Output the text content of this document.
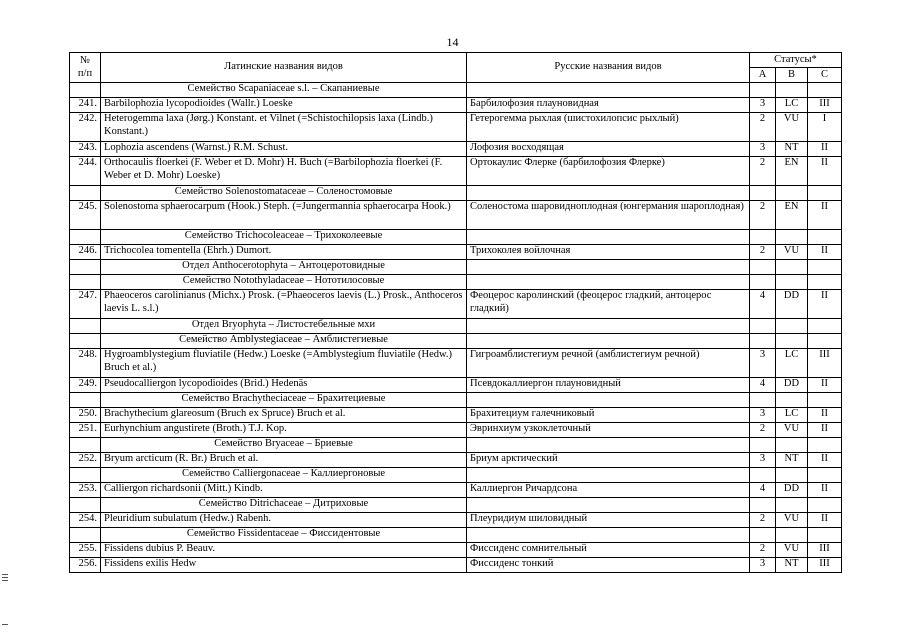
14
№
п/п	Латинские названия видов	Русские названия видов	Статусы*		
			A	B	C
	Семейство Scapaniaceae s.l. – Скапаниевые				
241.	Barbilophozia lycopodioides (Wallr.) Loeske	Барбилофозия плауновидная	3	LC	III
242.	Heterogemma laxa (Jørg.) Konstant. et Vilnet (=Schistochilopsis laxa (Lindb.) Konstant.)	Гетерогемма рыхлая (шистохилопсис рыхлый)	2	VU	I
243.	Lophozia ascendens (Warnst.) R.M. Schust.	Лофозия восходящая	3	NT	II
244.	Orthocaulis floerkei (F. Weber et D. Mohr) H. Buch (=Barbilophozia floerkei (F. Weber et D. Mohr) Loeske)	Ортокаулис Флерке (барбилофозия Флерке)	2	EN	II
	Семейство Solenostomataceae – Соленостомовые				
245.	Solenostoma sphaerocarpum (Hook.) Steph. (=Jungermannia sphaerocarpa Hook.)	Соленостома шаровиднoплодная (юнгермания шароплодная)	2	EN	II
	Семейство Trichocoleaceae – Трихоколеевые				
246.	Trichocolea tomentella (Ehrh.) Dumort.	Трихоколея войлочная	2	VU	II
	Отдел Anthocerotophyta – Антоцеротовидные				
	Семейство Notothyladaceae – Нототилосовые				
247.	Phaeoceros carolinianus (Michx.) Prosk. (=Phaeoceros laevis (L.) Prosk., Anthoceros laevis L. s.l.)	Феоцерос каролинский (феоцерос гладкий, антоцерос гладкий)	4	DD	II
	Отдел Bryophyta – Листостебельные мхи				
	Семейство Amblystegiaceae – Амблистегиевые				
248.	Hygroamblystegium fluviatile (Hedw.) Loeske (=Amblystegium fluviatile (Hedw.) Bruch et al.)	Гигроамблистегиум речной (амблистегиум речной)	3	LC	III
249.	Pseudocalliergon lycopodioides (Brid.) Hedenäs	Псевдокаллиергон плауновидный	4	DD	II
	Семейство Brachytheciaceae – Брахитециевые				
250.	Brachythecium glareosum (Bruch ex Spruce) Bruch et al.	Брахитециум галечниковый	3	LC	II
251.	Eurhynchium angustirete (Broth.) T.J. Kop.	Эвринхиум узкоклеточный	2	VU	II
	Семейство Bryaceae – Бриевые				
252.	Bryum arcticum (R. Br.) Bruch et al.	Бриум арктический	3	NT	II
	Семейство Calliergonaceae – Каллиергоновые				
253.	Calliergon richardsonii (Mitt.) Kindb.	Каллиергон Ричардсона	4	DD	II
	Семейство Ditrichaceae – Дитриховые				
254.	Pleuridium subulatum (Hedw.) Rabenh.	Плеуридиум шиловидный	2	VU	II
	Семейство Fissidentaceae – Фиссидентовые				
255.	Fissidens dubius P. Beauv.	Фиссиденс сомнительный	2	VU	III
256.	Fissidens exilis Hedw	Фиссиденс тонкий	3	NT	III
